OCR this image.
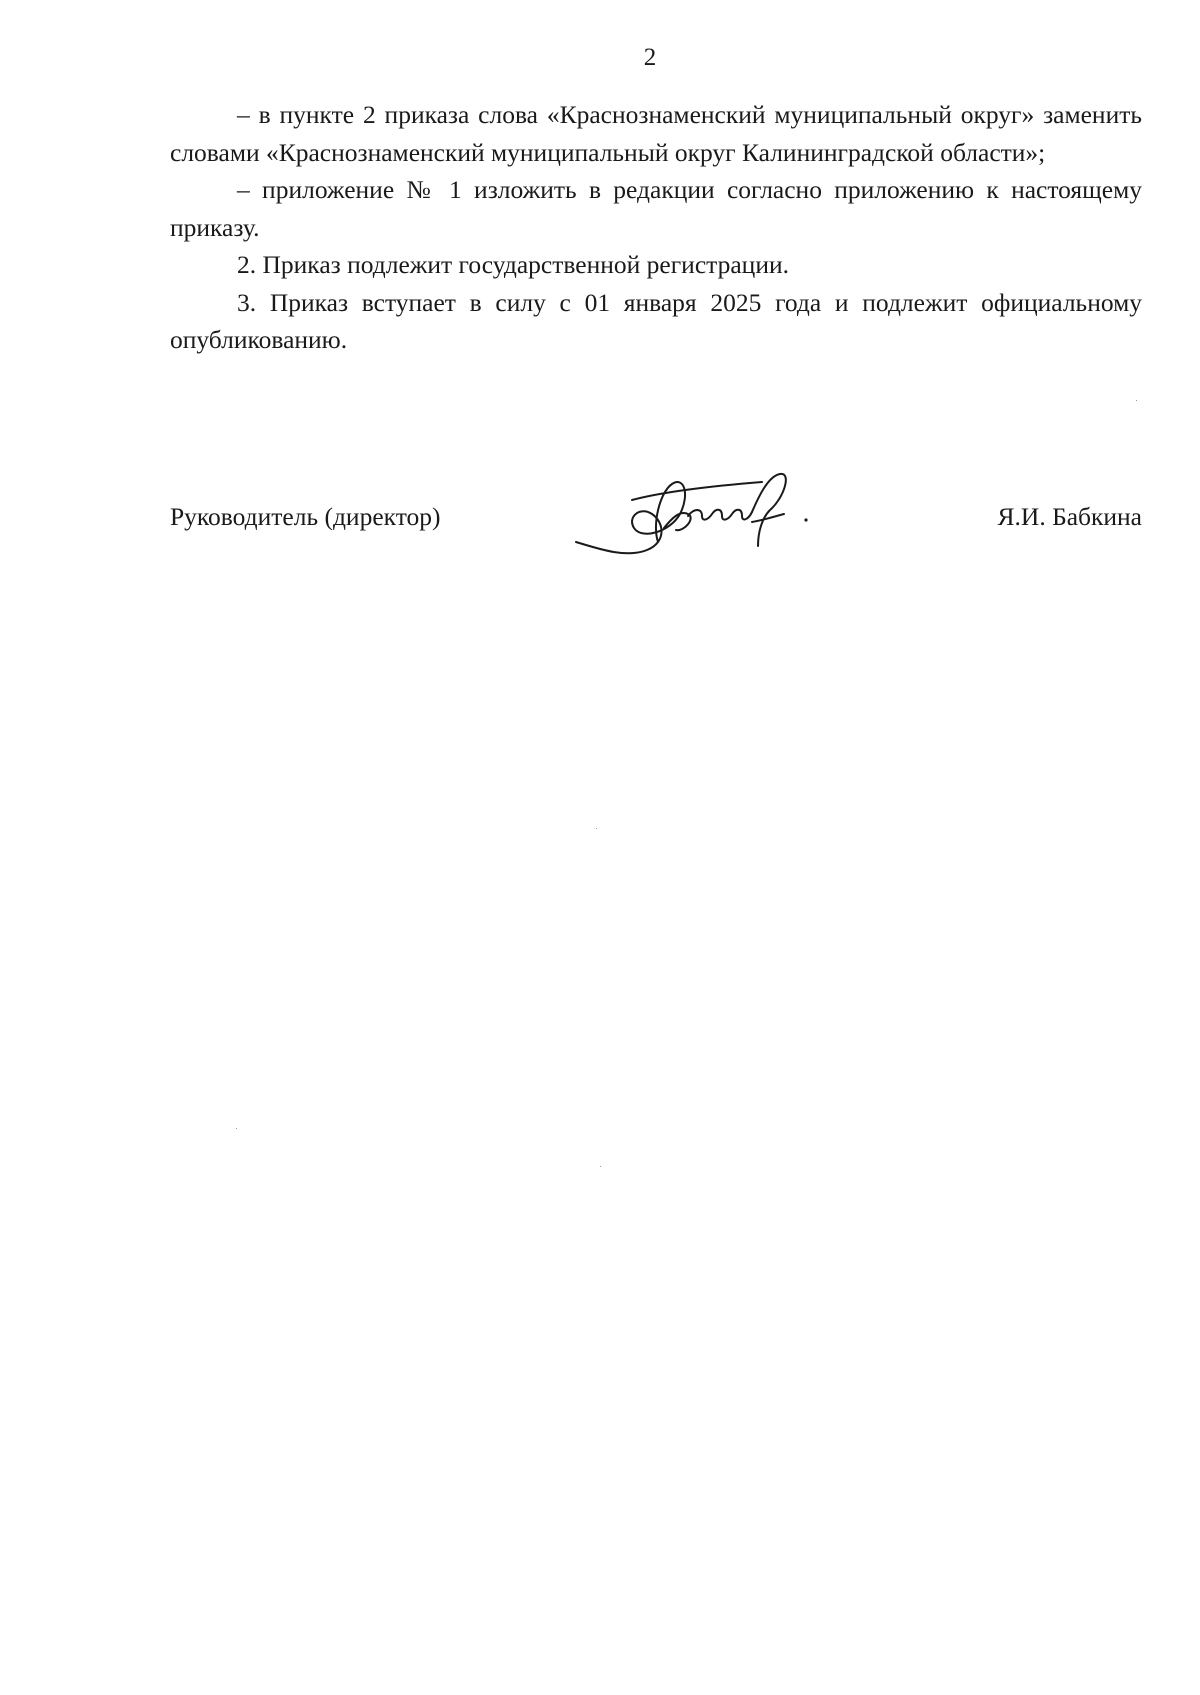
2

– в пункте 2 приказа слова «Краснознаменский муниципальный округ» заменить словами «Краснознаменский муниципальный округ Калининградской области»;

– приложение № 1 изложить в редакции согласно приложению к настоящему приказу.

2. Приказ подлежит государственной регистрации.

3. Приказ вступает в силу с 01 января 2025 года и подлежит официальному опубликованию.

Руководитель (директор)	Я.И. Бабкина
